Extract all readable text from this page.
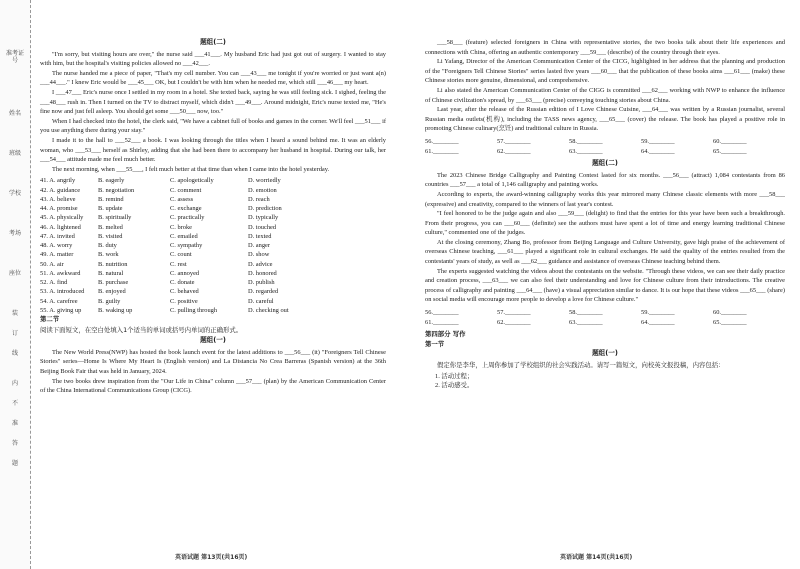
准考证号
姓名
班级
学校
考场
座位
装
订
线
内
不
准
答
题
题组(二)

"I'm sorry, but visiting hours are over," the nurse said ___41___. My husband Eric had just got out of surgery. I wanted to stay with him, but the hospital's visiting policies allowed no ___42___.

The nurse handed me a piece of paper, "That's my cell number. You can ___43___ me tonight if you're worried or just want a(n) ___44___." I knew Eric would be ___45___ OK, but I couldn't be with him when he needed me, which still ___46___ my heart.

I ___47___ Eric's nurse once I settled in my room in a hotel. She texted back, saying he was still feeling sick. I sighed, feeling the ___48___ rush in. Then I turned on the TV to distract myself, which didn't ___49___. Around midnight, Eric's nurse texted me, "He's fine now and just fell asleep. You should get some ___50___ now, too."

When I had checked into the hotel, the clerk said, "We have a cabinet full of books and games in the corner. We'll feel ___51___ if you use anything there during your stay."

I made it to the hall to ___52___ a book. I was looking through the titles when I heard a sound behind me. It was an elderly woman, who ___53___ herself as Shirley, adding that she had been there to accompany her husband in hospital. During our talk, her ___54___ attitude made me feel much better.

The next morning, when ___55___, I felt much better at that time than when I came into the hotel yesterday.

41. A. angrily	B. eagerly	C. apologetically	D. worriedly
42. A. guidance	B. negotiation	C. comment	D. emotion
43. A. believe	B. remind	C. assess	D. reach
44. A. promise	B. update	C. exchange	D. prediction
45. A. physically	B. spiritually	C. practically	D. typically
46. A. lightened	B. melted	C. broke	D. touched
47. A. invited	B. visited	C. emailed	D. texted
48. A. worry	B. duty	C. sympathy	D. anger
49. A. matter	B. work	C. count	D. show
50. A. air	B. nutrition	C. rest	D. advice
51. A. awkward	B. natural	C. annoyed	D. honored
52. A. find	B. purchase	C. donate	D. publish
53. A. introduced	B. enjoyed	C. behaved	D. regarded
54. A. carefree	B. guilty	C. positive	D. careful
55. A. giving up	B. waking up	C. pulling through	D. checking out
第二节
阅读下面短文，在空白处填入1个适当的单词或括号内单词的正确形式。
题组(一)

The New World Press(NWP) has hosted the book launch event for the latest additions to ___56___ (it) "Foreigners Tell Chinese Stories" series—Home Is Where My Heart Is (English version) and La Distancia No Crea Barreras (Spanish version) at the 36th Beijing Book Fair that was held in January, 2024.

The two books drew inspiration from the "Our Life in China" column ___57___ (plan) by the American Communication Center of the China International Communications Group (CICG).

英语试题 第13页(共16页)

___58___ (feature) selected foreigners in China with representative stories, the two books talk about their life experiences and connections with China, offering an authentic contemporary ___59___ (describe) of the country through their eyes.

Li Yafang, Director of the American Communication Center of the CICG, highlighted in her address that the planning and production of the "Foreigners Tell Chinese Stories" series lasted five years ___60___ that the publication of these books aims ___61___ (make) these Chinese stories more genuine, dimensional, and comprehensive.

Li also stated the American Communication Center of the CIGG is committed ___62___ working with NWP to enhance the influence of Chinese civilization's spread, by ___63___ (precise) conveying touching stories about China.

Last year, after the release of the Russian edition of I Love Chinese Cuisine, ___64___ was written by a Russian journalist, several Russian media outlets(机构), including the TASS news agency, ___65___ (cover) the release. The book has played a positive role in promoting Chinese culinary(烹饪) and traditional culture in Russia.

56.________	57.________	58.________	59.________	60.________
61.________	62.________	63.________	64.________	65.________
题组(二)

The 2023 Chinese Bridge Calligraphy and Painting Contest lasted for six months. ___56___ (attract) 1,084 contestants from 86 countries ___57___ a total of 1,146 calligraphy and painting works.

According to experts, the award-winning calligraphy works this year mirrored many Chinese classic elements with more ___58___ (expressive) and creativity, compared to the winners of last year's contest.

"I feel honored to be the judge again and also ___59___ (delight) to find that the entries for this year have been such a breakthrough. From their progress, you can ___60___ (definite) see the authors must have spent a lot of time and energy learning traditional Chinese culture," commented one of the judges.

At the closing ceremony, Zhang Bo, professor from Beijing Language and Culture University, gave high praise of the achievement of overseas Chinese teaching, ___61___ played a significant role in cultural exchanges. He said the quality of the entries resulted from the contestants' years of study, as well as ___62___ guidance and assistance of overseas Chinese teaching behind them.

The experts suggested watching the videos about the contestants on the website. "Through these videos, we can see their daily practice and creation process, ___63___ we can also feel their understanding and love for Chinese culture from their introductions. The creative process of calligraphy and painting ___64___ (have) a visual appreciation similar to dance. It is our hope that these videos ___65___ (share) on social media will encourage more people to develop a love for Chinese culture."

56.________	57.________	58.________	59.________	60.________
61.________	62.________	63.________	64.________	65.________
第四部分 写作
第一节
题组(一)

假定你是李华，上周你参加了学校组织的社会实践活动。请写一篇短文，向校英文报投稿，内容包括：

1. 活动过程；
2. 活动感受。
英语试题 第14页(共16页)
